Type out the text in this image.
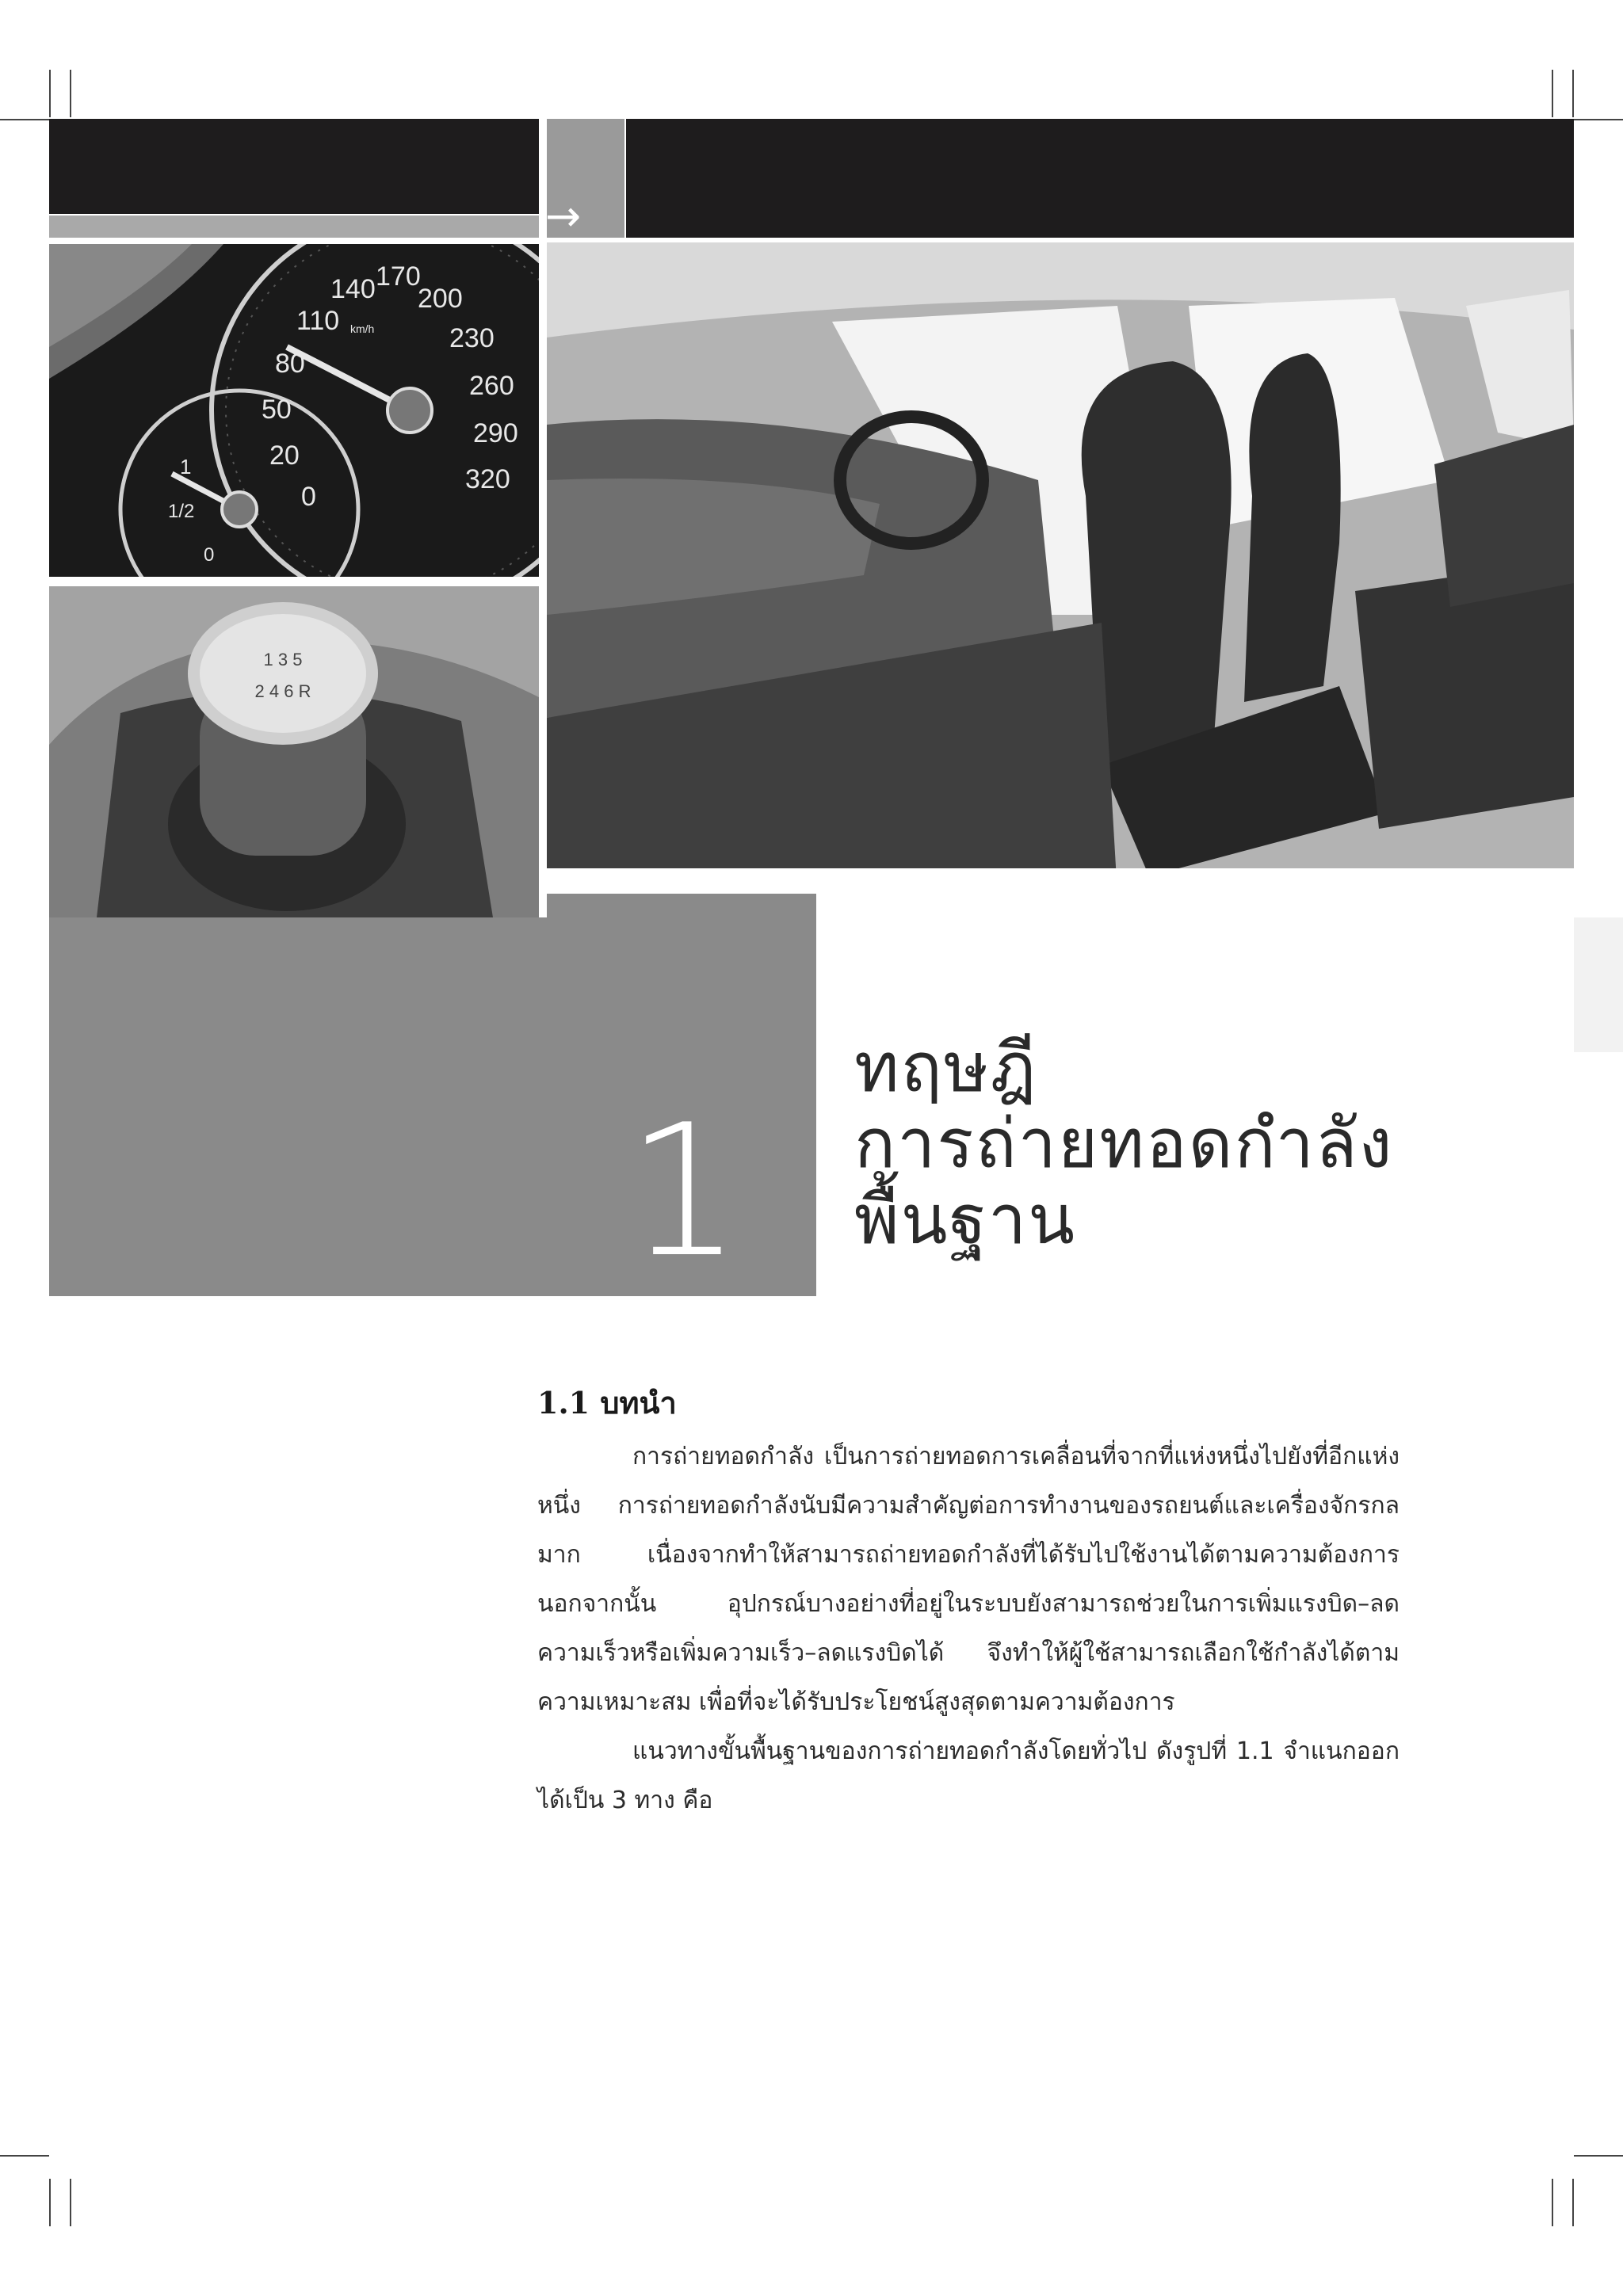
→
110
140 170
200
230
260
290
320
80
50
20
0
km/h
1
1/2
0
1 3 5
2 4 6 R
1
ทฤษฎี
การถ่ายทอดกำลัง
พื้นฐาน
1.1 บทนำ

การถ่ายทอดกำลัง เป็นการถ่ายทอดการเคลื่อนที่จากที่แห่งหนึ่งไปยังที่อีกแห่งหนึ่ง การถ่ายทอดกำลังนับมีความสำคัญต่อการทำงานของรถยนต์และเครื่องจักรกลมาก เนื่องจากทำให้สามารถถ่ายทอดกำลังที่ได้รับไปใช้งานได้ตามความต้องการ นอกจากนั้น อุปกรณ์บางอย่างที่อยู่ในระบบยังสามารถช่วยในการเพิ่มแรงบิด–ลดความเร็วหรือเพิ่มความเร็ว–ลดแรงบิดได้ จึงทำให้ผู้ใช้สามารถเลือกใช้กำลังได้ตามความเหมาะสม เพื่อที่จะได้รับประโยชน์สูงสุดตามความต้องการ

แนวทางขั้นพื้นฐานของการถ่ายทอดกำลังโดยทั่วไป ดังรูปที่ 1.1 จำแนกออกได้เป็น 3 ทาง คือ
